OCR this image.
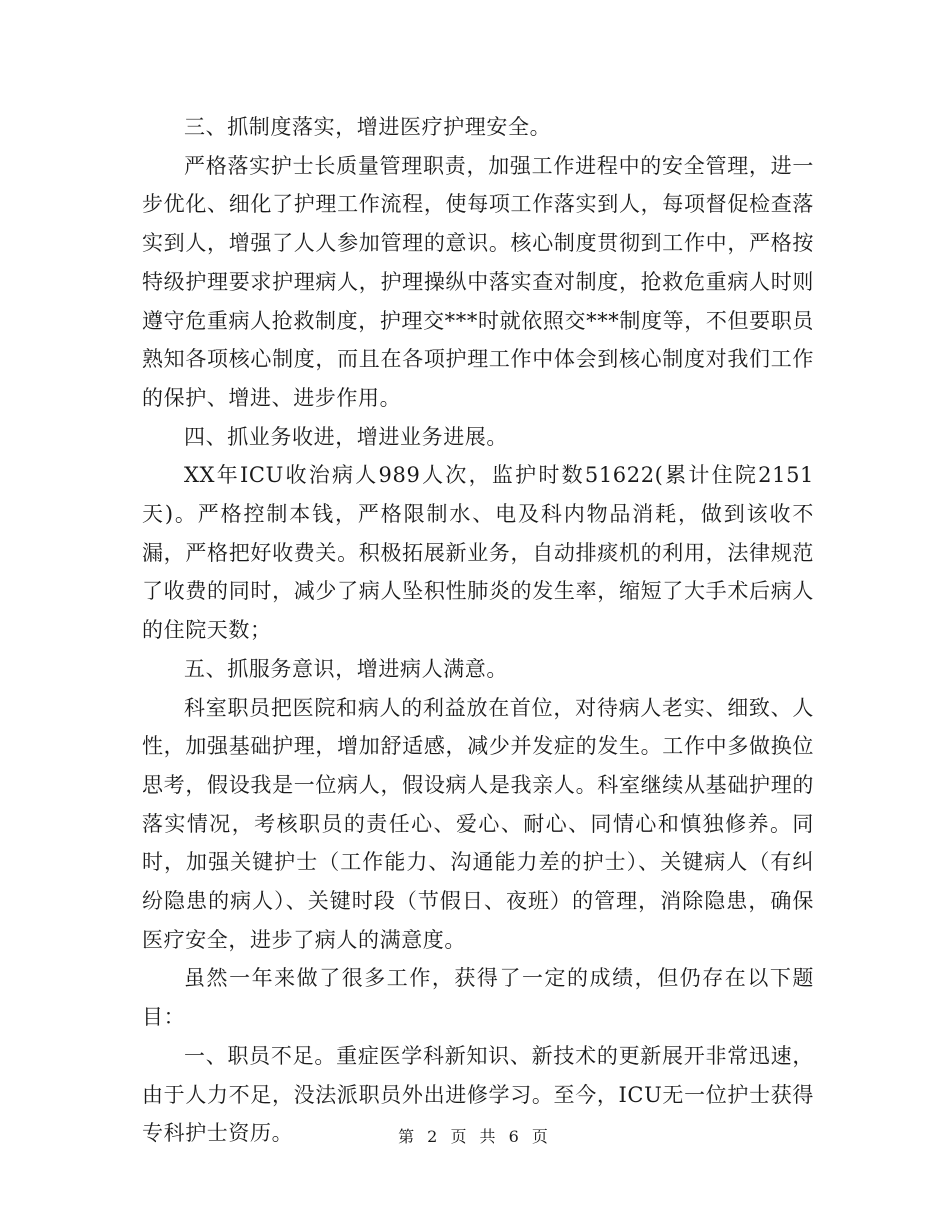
三、抓制度落实，增进医疗护理安全。

严格落实护士长质量管理职责，加强工作进程中的安全管理，进一步优化、细化了护理工作流程，使每项工作落实到人，每项督促检查落实到人，增强了人人参加管理的意识。核心制度贯彻到工作中，严格按特级护理要求护理病人，护理操纵中落实查对制度，抢救危重病人时则遵守危重病人抢救制度，护理交***时就依照交***制度等，不但要职员熟知各项核心制度，而且在各项护理工作中体会到核心制度对我们工作的保护、增进、进步作用。

四、抓业务收进，增进业务进展。

XX年ICU收治病人989人次，监护时数51622(累计住院2151天)。严格控制本钱，严格限制水、电及科内物品消耗，做到该收不漏，严格把好收费关。积极拓展新业务，自动排痰机的利用，法律规范了收费的同时，减少了病人坠积性肺炎的发生率，缩短了大手术后病人的住院天数；

五、抓服务意识，增进病人满意。

科室职员把医院和病人的利益放在首位，对待病人老实、细致、人性，加强基础护理，增加舒适感，减少并发症的发生。工作中多做换位思考，假设我是一位病人，假设病人是我亲人。科室继续从基础护理的落实情况，考核职员的责任心、爱心、耐心、同情心和慎独修养。同时，加强关键护士（工作能力、沟通能力差的护士）、关键病人（有纠纷隐患的病人）、关键时段（节假日、夜班）的管理，消除隐患，确保医疗安全，进步了病人的满意度。

虽然一年来做了很多工作，获得了一定的成绩，但仍存在以下题目：

一、职员不足。重症医学科新知识、新技术的更新展开非常迅速，由于人力不足，没法派职员外出进修学习。至今，ICU无一位护士获得专科护士资历。	第 2 页 共 6 页
